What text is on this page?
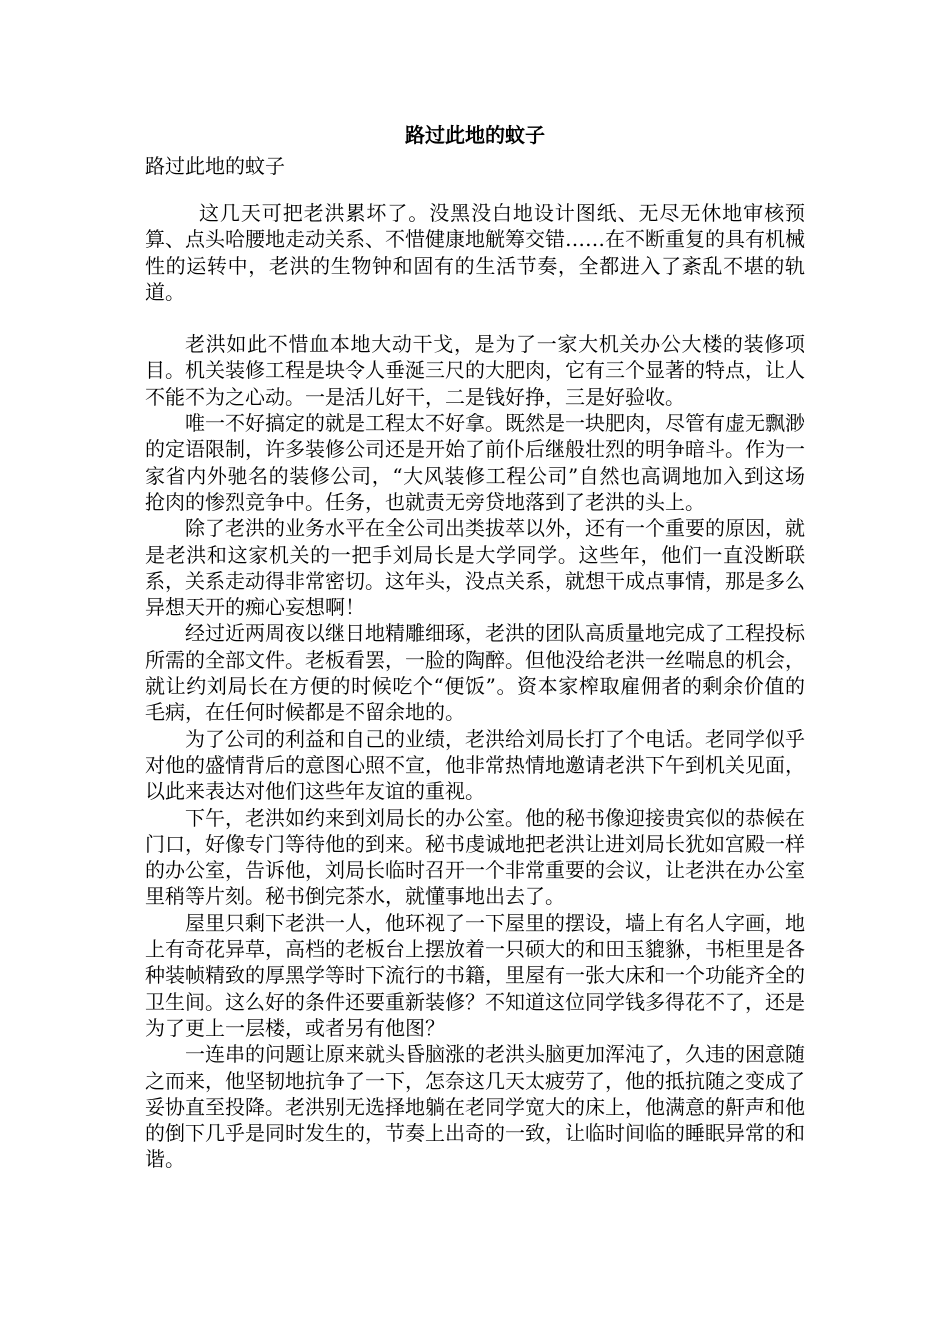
路过此地的蚊子

路过此地的蚊子

这几天可把老洪累坏了。没黑没白地设计图纸、无尽无休地审核预算、点头哈腰地走动关系、不惜健康地觥筹交错……在不断重复的具有机械性的运转中，老洪的生物钟和固有的生活节奏，全都进入了紊乱不堪的轨道。

老洪如此不惜血本地大动干戈，是为了一家大机关办公大楼的装修项目。机关装修工程是块令人垂涎三尺的大肥肉，它有三个显著的特点，让人不能不为之心动。一是活儿好干，二是钱好挣，三是好验收。

唯一不好搞定的就是工程太不好拿。既然是一块肥肉，尽管有虚无飘渺的定语限制，许多装修公司还是开始了前仆后继般壮烈的明争暗斗。作为一家省内外驰名的装修公司，“大风装修工程公司”自然也高调地加入到这场抢肉的惨烈竞争中。任务，也就责无旁贷地落到了老洪的头上。

除了老洪的业务水平在全公司出类拔萃以外，还有一个重要的原因，就是老洪和这家机关的一把手刘局长是大学同学。这些年，他们一直没断联系，关系走动得非常密切。这年头，没点关系，就想干成点事情，那是多么异想天开的痴心妄想啊！

经过近两周夜以继日地精雕细琢，老洪的团队高质量地完成了工程投标所需的全部文件。老板看罢，一脸的陶醉。但他没给老洪一丝喘息的机会，就让约刘局长在方便的时候吃个“便饭”。资本家榨取雇佣者的剩余价值的毛病，在任何时候都是不留余地的。

为了公司的利益和自己的业绩，老洪给刘局长打了个电话。老同学似乎对他的盛情背后的意图心照不宣，他非常热情地邀请老洪下午到机关见面，以此来表达对他们这些年友谊的重视。

下午，老洪如约来到刘局长的办公室。他的秘书像迎接贵宾似的恭候在门口，好像专门等待他的到来。秘书虔诚地把老洪让进刘局长犹如宫殿一样的办公室，告诉他，刘局长临时召开一个非常重要的会议，让老洪在办公室里稍等片刻。秘书倒完茶水，就懂事地出去了。

屋里只剩下老洪一人，他环视了一下屋里的摆设，墙上有名人字画，地上有奇花异草，高档的老板台上摆放着一只硕大的和田玉貔貅，书柜里是各种装帧精致的厚黑学等时下流行的书籍，里屋有一张大床和一个功能齐全的卫生间。这么好的条件还要重新装修？不知道这位同学钱多得花不了，还是为了更上一层楼，或者另有他图？

一连串的问题让原来就头昏脑涨的老洪头脑更加浑沌了，久违的困意随之而来，他坚韧地抗争了一下，怎奈这几天太疲劳了，他的抵抗随之变成了妥协直至投降。老洪别无选择地躺在老同学宽大的床上，他满意的鼾声和他的倒下几乎是同时发生的，节奏上出奇的一致，让临时间临的睡眠异常的和谐。
